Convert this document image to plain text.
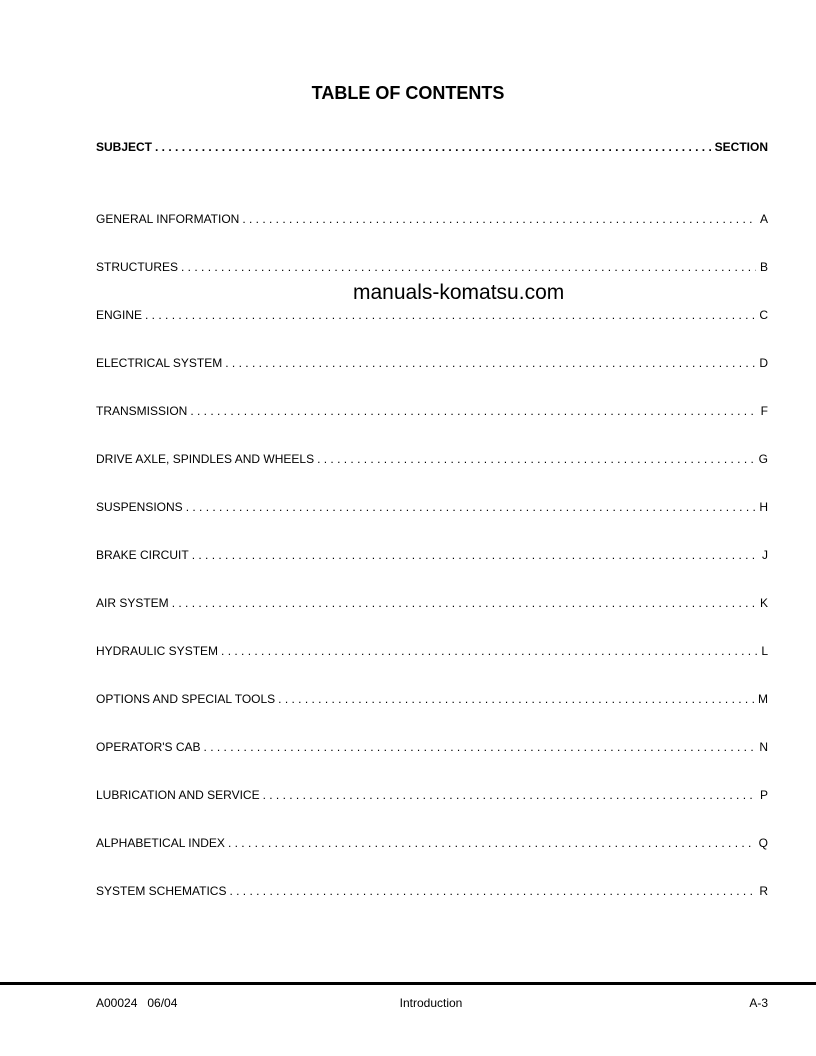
TABLE OF CONTENTS
SUBJECT . . .	SECTION
GENERAL INFORMATION . . .	A
STRUCTURES . . .	B
ENGINE . . .	C
ELECTRICAL SYSTEM . . .	D
TRANSMISSION . . .	F
DRIVE AXLE, SPINDLES AND WHEELS . . .	G
SUSPENSIONS . . .	H
BRAKE CIRCUIT . . .	J
AIR SYSTEM . . .	K
HYDRAULIC SYSTEM . . .	L
OPTIONS AND SPECIAL TOOLS . . .	M
OPERATOR'S CAB . . .	N
LUBRICATION AND SERVICE . . .	P
ALPHABETICAL INDEX . . .	Q
SYSTEM SCHEMATICS . . .	R
manuals-komatsu.com
A00024   06/04	Introduction	A-3
